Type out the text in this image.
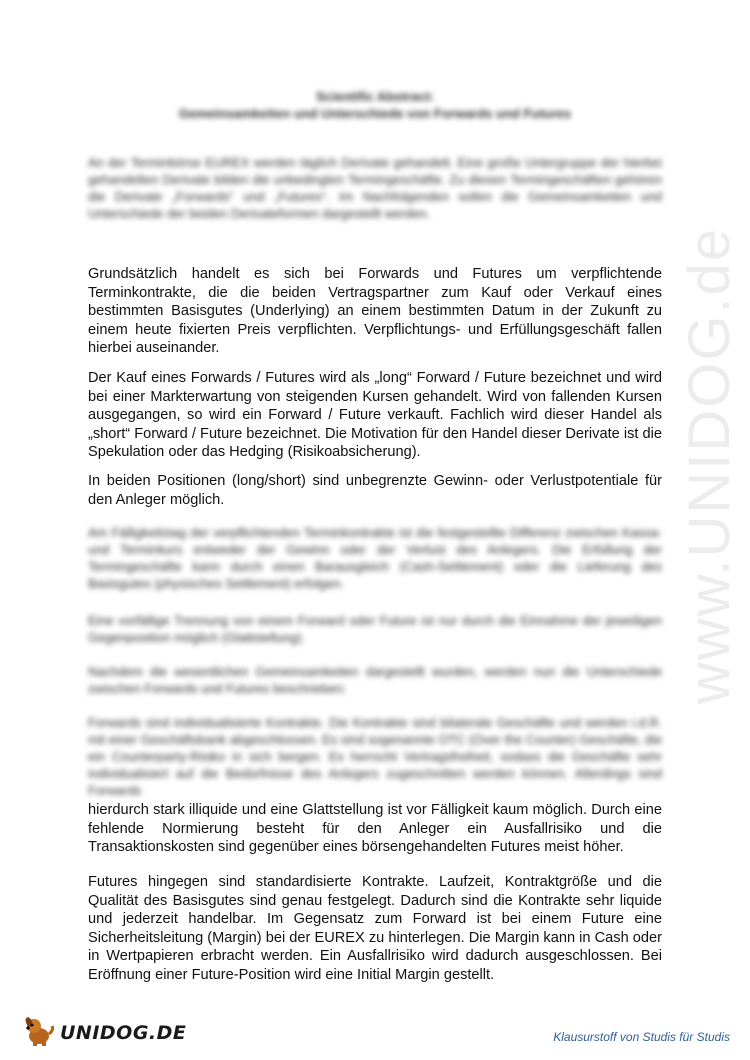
www.UNIDOG.de
Scientific Abstract:
Gemeinsamkeiten und Unterschiede von Forwards und Futures
An der Terminbörse EUREX werden täglich Derivate gehandelt. Eine große Untergruppe der hierbei gehandelten Derivate bilden die unbedingten Termingeschäfte. Zu diesen Termingeschäften gehören die Derivate „Forwards“ und „Futures“. Im Nachfolgenden sollen die Gemeinsamkeiten und Unterschiede der beiden Derivateformen dargestellt werden.
Grundsätzlich handelt es sich bei Forwards und Futures um verpflichtende Terminkontrakte, die die beiden Vertragspartner zum Kauf oder Verkauf eines bestimmten Basisgutes (Underlying) an einem bestimmten Datum in der Zukunft zu einem heute fixierten Preis verpflichten. Verpflichtungs- und Erfüllungsgeschäft fallen hierbei auseinander.
Der Kauf eines Forwards / Futures wird als „long“ Forward / Future bezeichnet und wird bei einer Markterwartung von steigenden Kursen gehandelt. Wird von fallenden Kursen ausgegangen, so wird ein Forward / Future verkauft. Fachlich wird dieser Handel als „short“ Forward / Future bezeichnet. Die Motivation für den Handel dieser Derivate ist die Spekulation oder das Hedging (Risikoabsicherung).
In beiden Positionen (long/short) sind unbegrenzte Gewinn- oder Verlustpotentiale für den Anleger möglich.
Am Fälligkeitstag der verpflichtenden Terminkontrakte ist die festgestellte Differenz zwischen Kassa- und Terminkurs entweder der Gewinn oder der Verlust des Anlegers. Die Erfüllung der Termingeschäfte kann durch einen Barausgleich (Cash-Settlement) oder die Lieferung des Basisgutes (physisches Settlement) erfolgen.
Eine vorfällige Trennung von einem Forward oder Future ist nur durch die Einnahme der jeweiligen Gegenposition möglich (Glattstellung).
Nachdem die wesentlichen Gemeinsamkeiten dargestellt wurden, werden nun die Unterschiede zwischen Forwards und Futures beschrieben:
Forwards sind individualisierte Kontrakte. Die Kontrakte sind bilaterale Geschäfte und werden i.d.R. mit einer Geschäftsbank abgeschlossen. Es sind sogenannte OTC (Over the Counter) Geschäfte, die ein Counterparty-Risiko in sich bergen. Es herrscht Vertragsfreiheit, sodass die Geschäfte sehr individualisiert auf die Bedürfnisse des Anlegers zugeschnitten werden können. Allerdings sind Forwards
hierdurch stark illiquide und eine Glattstellung ist vor Fälligkeit kaum möglich. Durch eine fehlende Normierung besteht für den Anleger ein Ausfallrisiko und die Transaktionskosten sind gegenüber eines börsengehandelten Futures meist höher.
Futures hingegen sind standardisierte Kontrakte. Laufzeit, Kontraktgröße und die Qualität des Basisgutes sind genau festgelegt. Dadurch sind die Kontrakte sehr liquide und jederzeit handelbar. Im Gegensatz zum Forward ist bei einem Future eine Sicherheitsleitung (Margin) bei der EUREX zu hinterlegen. Die Margin kann in Cash oder in Wertpapieren erbracht werden. Ein Ausfallrisiko wird dadurch ausgeschlossen. Bei Eröffnung einer Future-Position wird eine Initial Margin gestellt.
UNIDOG.DE	Klausurstoff von Studis für Studis
